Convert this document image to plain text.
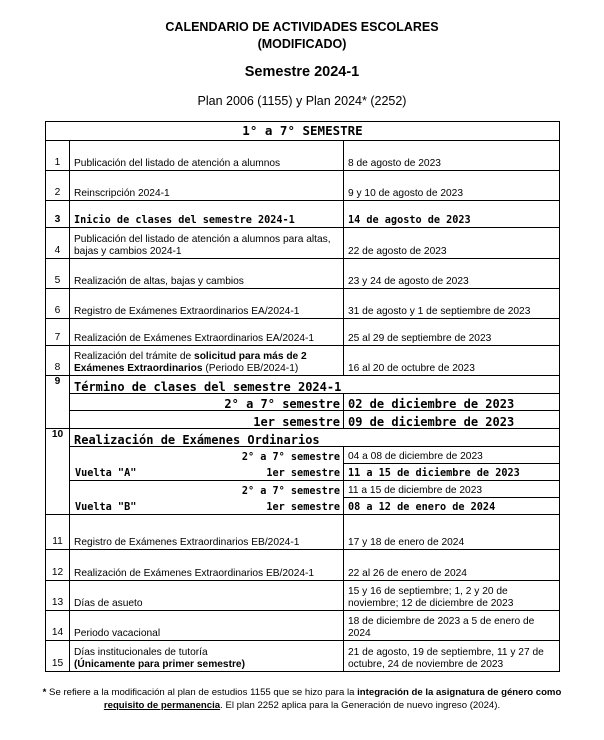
CALENDARIO DE ACTIVIDADES ESCOLARES
(MODIFICADO)
Semestre 2024-1
Plan 2006 (1155) y Plan 2024* (2252)
1° a 7° SEMESTRE		
1	Publicación del listado de atención a alumnos	8 de agosto de 2023
2	Reinscripción 2024-1	9 y 10 de agosto de 2023
3	Inicio de clases del semestre 2024-1	14 de agosto de 2023
4	Publicación del listado de atención a alumnos para altas, bajas y cambios 2024-1	22 de agosto de 2023
5	Realización de altas, bajas y cambios	23 y 24 de agosto de 2023
6	Registro de Exámenes Extraordinarios EA/2024-1	31 de agosto y 1 de septiembre de 2023
7	Realización de Exámenes Extraordinarios EA/2024-1	25 al 29 de septiembre de 2023
8	Realización del trámite de solicitud para más de 2 Exámenes Extraordinarios (Periodo EB/2024-1)	16 al 20 de octubre de 2023
9	Término de clases del semestre 2024-1	
	2° a 7° semestre	02 de diciembre de 2023
	1er semestre	09 de diciembre de 2023
10	Realización de Exámenes Ordinarios	
	2° a 7° semestre	04 a 08 de diciembre de 2023

	Vuelta "A" 1er semestre	11 a 15 de diciembre de 2023
	2° a 7° semestre	11 a 15 de diciembre de 2023

	Vuelta "B" 1er semestre	08 a 12 de enero de 2024
11	Registro de Exámenes Extraordinarios EB/2024-1	17 y 18 de enero de 2024
12	Realización de Exámenes Extraordinarios EB/2024-1	22 al 26 de enero de 2024
13	Días de asueto	15 y 16 de septiembre; 1, 2 y 20 de noviembre; 12 de diciembre de 2023
14	Periodo vacacional	18 de diciembre de 2023 a 5 de enero de 2024
15	Días institucionales de tutoría
(Únicamente para primer semestre)	21 de agosto, 19 de septiembre, 11 y 27 de octubre, 24 de noviembre de 2023
* Se refiere a la modificación al plan de estudios 1155 que se hizo para la integración de la asignatura de género como requisito de permanencia. El plan 2252 aplica para la Generación de nuevo ingreso (2024).
